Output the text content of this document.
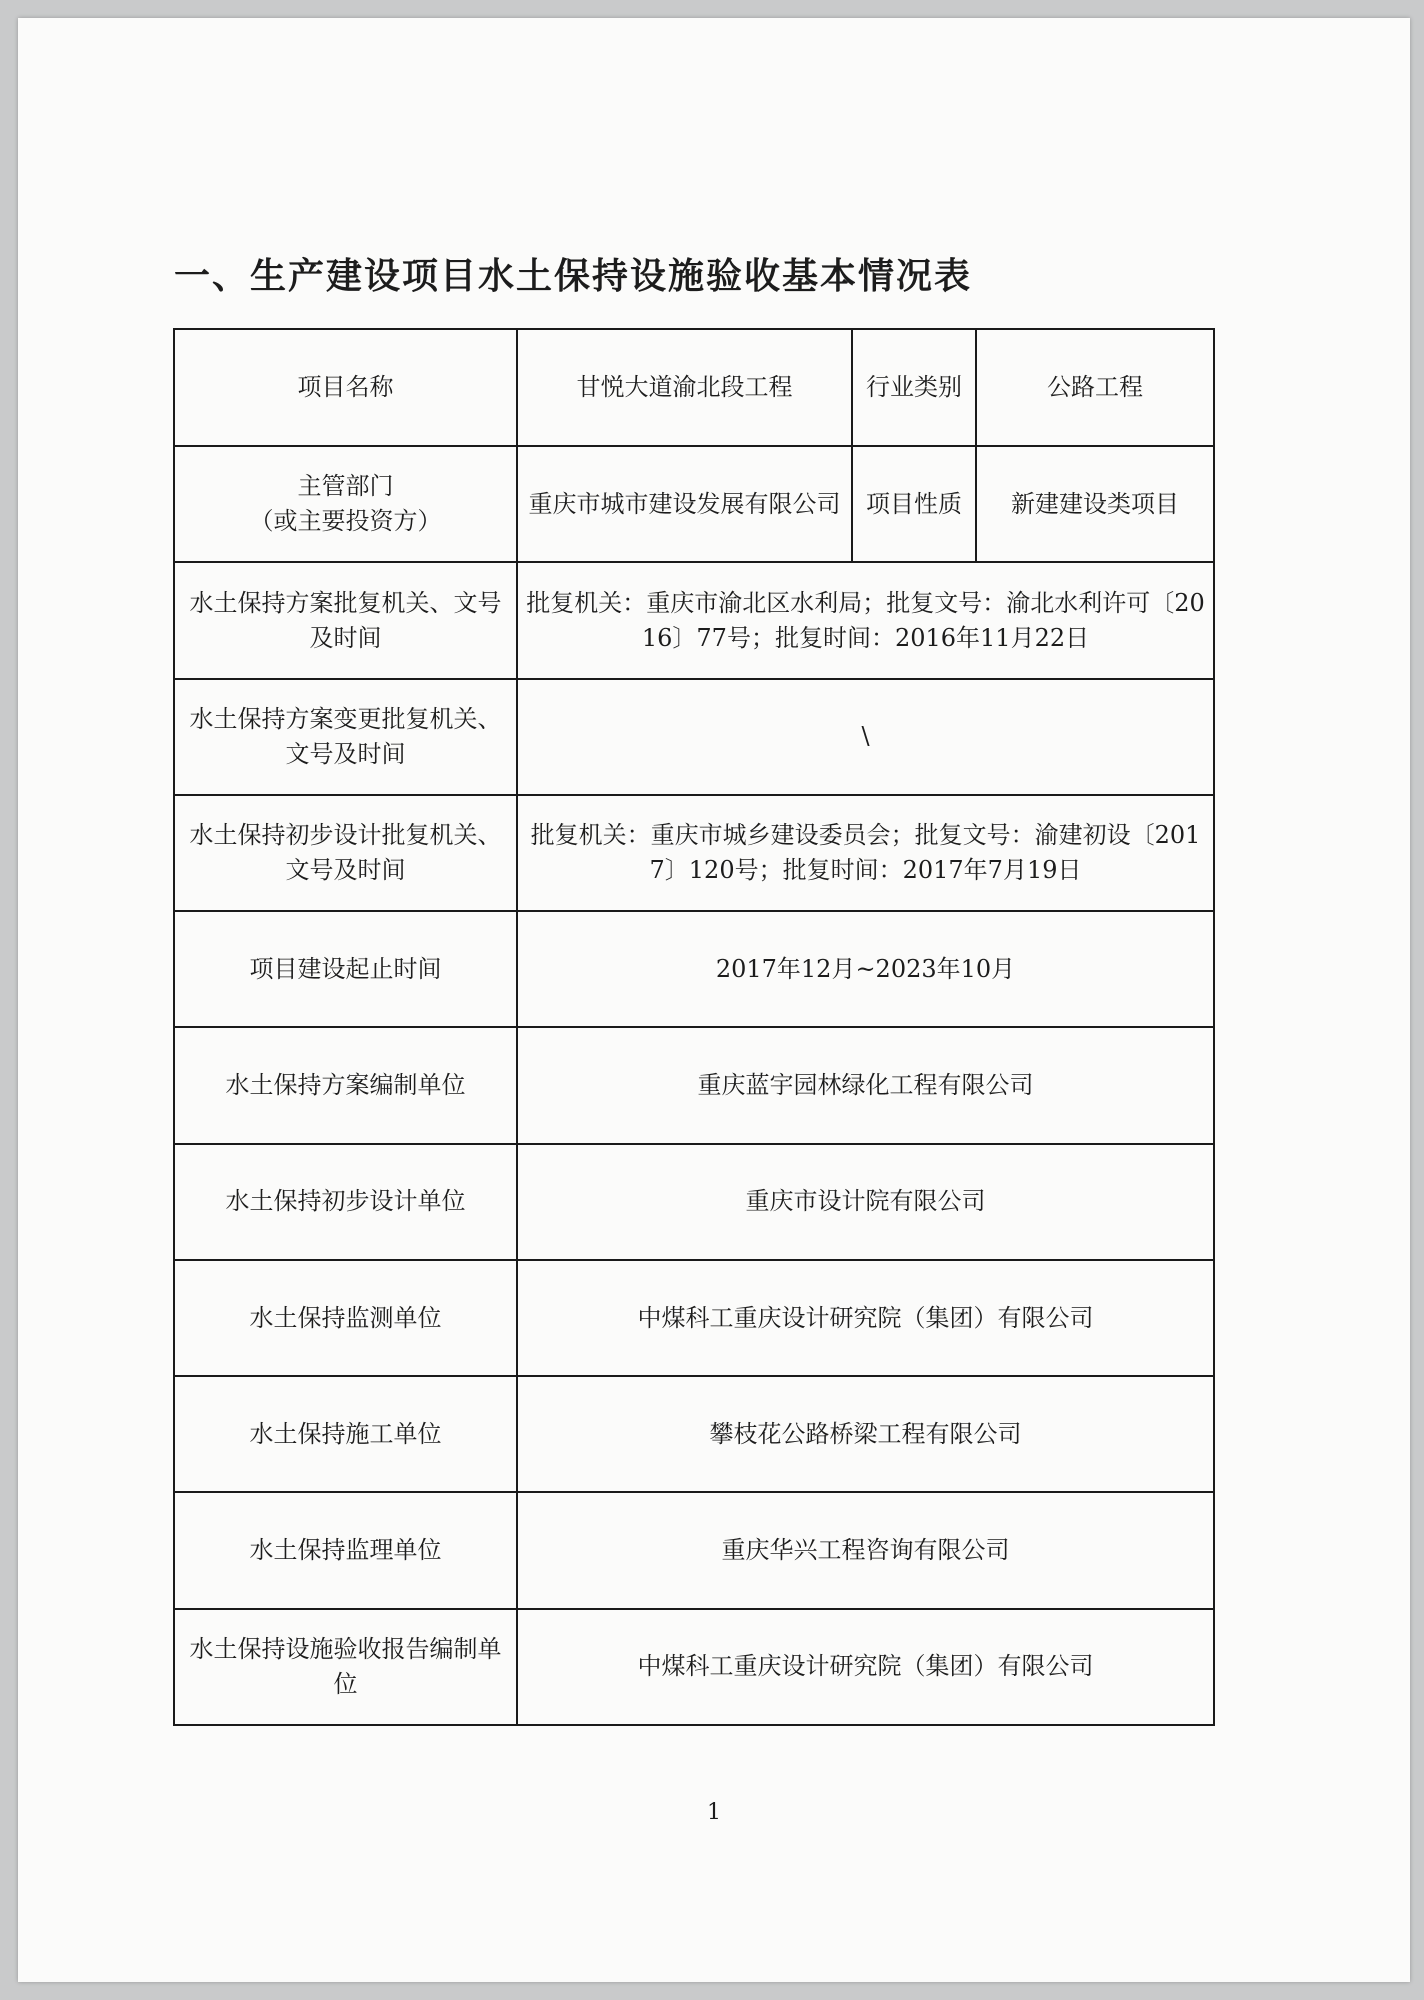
一、生产建设项目水土保持设施验收基本情况表
项目名称	甘悦大道渝北段工程	行业类别	公路工程

主管部门
（或主要投资方）	重庆市城市建设发展有限公司	项目性质	新建建设类项目
水土保持方案批复机关、文号及时间	批复机关：重庆市渝北区水利局；批复文号：渝北水利许可〔2016〕77号；批复时间：2016年11月22日		
水土保持方案变更批复机关、文号及时间	\		
水土保持初步设计批复机关、文号及时间	批复机关：重庆市城乡建设委员会；批复文号：渝建初设〔2017〕120号；批复时间：2017年7月19日		
项目建设起止时间	2017年12月~2023年10月		
水土保持方案编制单位	重庆蓝宇园林绿化工程有限公司		
水土保持初步设计单位	重庆市设计院有限公司		
水土保持监测单位	中煤科工重庆设计研究院（集团）有限公司		
水土保持施工单位	攀枝花公路桥梁工程有限公司		
水土保持监理单位	重庆华兴工程咨询有限公司		
水土保持设施验收报告编制单位	中煤科工重庆设计研究院（集团）有限公司		
1
